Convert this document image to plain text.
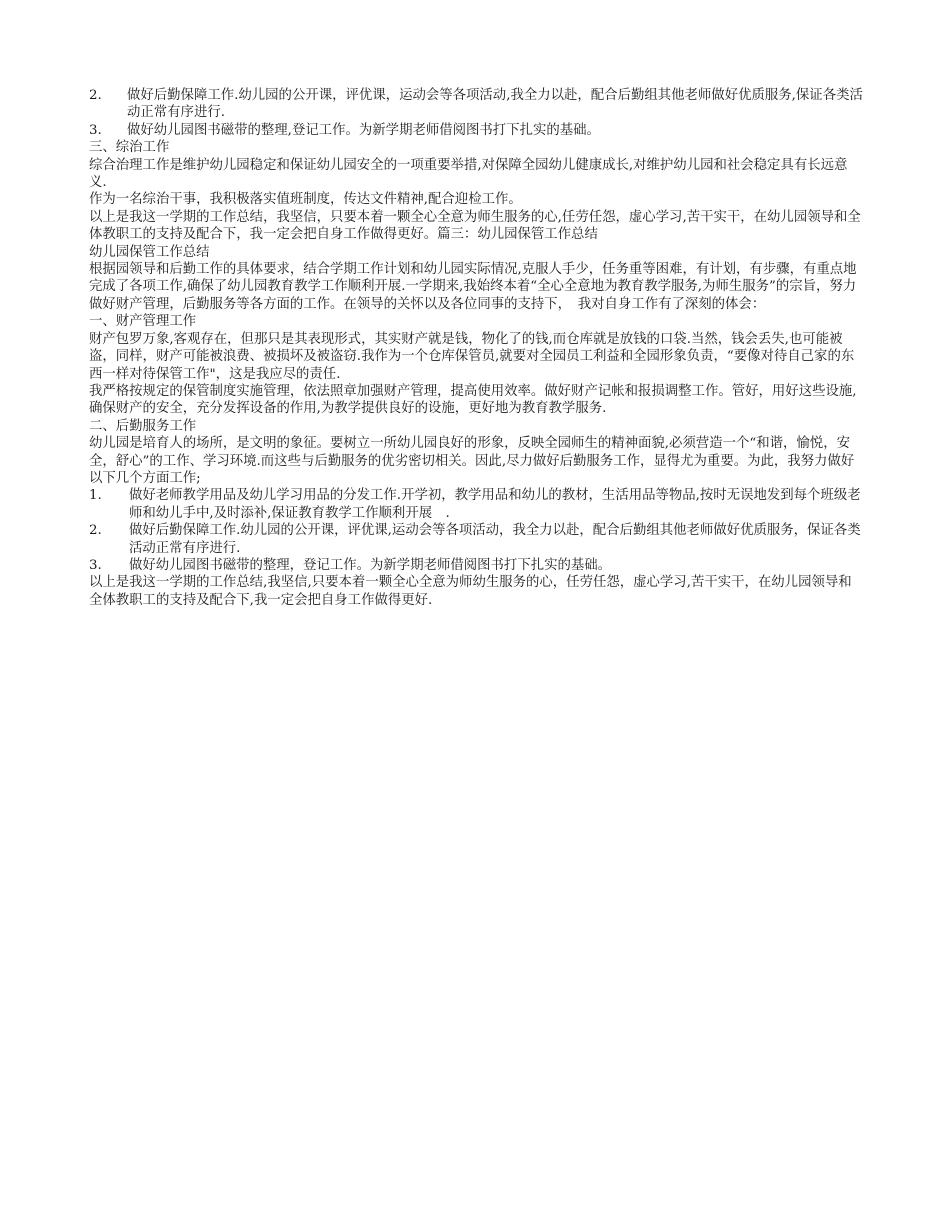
2.	做好后勤保障工作.幼儿园的公开课，评优课，运动会等各项活动,我全力以赴，配合后勤组其他老师做好优质服务,保证各类活动正常有序进行.
3.	做好幼儿园图书磁带的整理,登记工作。为新学期老师借阅图书打下扎实的基础。
三、综治工作
综合治理工作是维护幼儿园稳定和保证幼儿园安全的一项重要举措,对保障全园幼儿健康成长,对维护幼儿园和社会稳定具有长远意义.
作为一名综治干事，我积极落实值班制度，传达文件精神,配合迎检工作。
以上是我这一学期的工作总结，我坚信，只要本着一颗全心全意为师生服务的心,任劳任怨，虚心学习,苦干实干，在幼儿园领导和全体教职工的支持及配合下，我一定会把自身工作做得更好。篇三：幼儿园保管工作总结
幼儿园保管工作总结
根据园领导和后勤工作的具体要求，结合学期工作计划和幼儿园实际情况,克服人手少，任务重等困难，有计划，有步骤，有重点地完成了各项工作,确保了幼儿园教育教学工作顺利开展.一学期来,我始终本着“全心全意地为教育教学服务,为师生服务”的宗旨，努力做好财产管理，后勤服务等各方面的工作。在领导的关怀以及各位同事的支持下，　我对自身工作有了深刻的体会：
一、财产管理工作
财产包罗万象,客观存在，但那只是其表现形式，其实财产就是钱，物化了的钱,而仓库就是放钱的口袋.当然，钱会丢失,也可能被盗，同样，财产可能被浪费、被损坏及被盗窃.我作为一个仓库保管员,就要对全园员工利益和全园形象负责，“要像对待自己家的东西一样对待保管工作"，这是我应尽的责任.
我严格按规定的保管制度实施管理，依法照章加强财产管理，提高使用效率。做好财产记帐和报损调整工作。管好，用好这些设施,确保财产的安全，充分发挥设备的作用,为教学提供良好的设施，更好地为教育教学服务.
二、后勤服务工作
幼儿园是培育人的场所，是文明的象征。要树立一所幼儿园良好的形象，反映全园师生的精神面貌,必须营造一个“和谐，愉悦，安全，舒心”的工作、学习环境.而这些与后勤服务的优劣密切相关。因此,尽力做好后勤服务工作，显得尤为重要。为此，我努力做好以下几个方面工作;
1.	做好老师教学用品及幼儿学习用品的分发工作.开学初，教学用品和幼儿的教材，生活用品等物品,按时无误地发到每个班级老师和幼儿手中,及时添补,保证教育教学工作顺利开展　.
2.	做好后勤保障工作.幼儿园的公开课，评优课,运动会等各项活动，我全力以赴，配合后勤组其他老师做好优质服务，保证各类活动正常有序进行.
3.	做好幼儿园图书磁带的整理，登记工作。为新学期老师借阅图书打下扎实的基础。
以上是我这一学期的工作总结,我坚信,只要本着一颗全心全意为师幼生服务的心，任劳任怨，虚心学习,苦干实干，在幼儿园领导和全体教职工的支持及配合下,我一定会把自身工作做得更好.
